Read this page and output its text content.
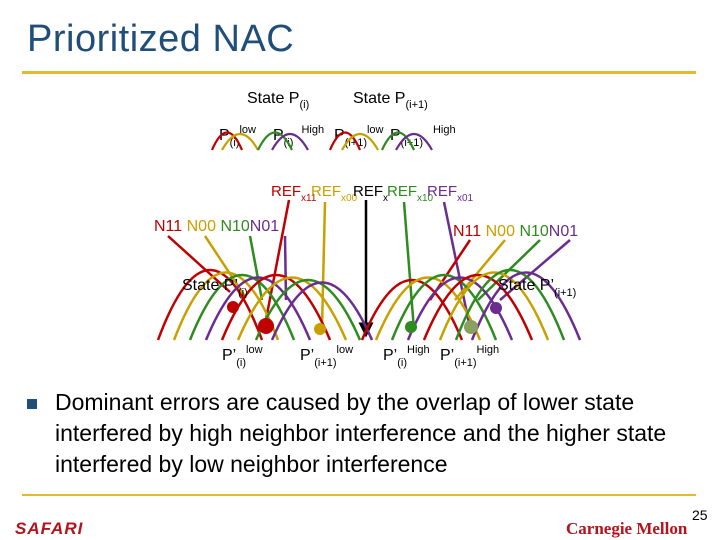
Prioritized NAC
State $P_{(i)}$	State $P_{(i+1)}$
$P_{(i)}^{low}$ $P_{(i)}^{High}$ $P_{(i+1)}^{low}$ $P_{(i+1)}^{High}$
$REF_{x11}$
$REF_{x00}$
$REF_x$ $REF_{x10}$
$REF_{x01}$
N11 N00 N10N01	N11 N00 N10N01
State $P’_{(i)}$	State $P’_{(i+1)}$
$P’_{(i)}^{low}$ $P’_{(i+1)}^{low}$ $P’_{(i)}^{High}$ $P’_{(i+1)}^{High}$
Dominant errors are caused by the overlap of lower state interfered by high neighbor interference and the higher state interfered by low neighbor interference
SAFARI	Carnegie Mellon
25
